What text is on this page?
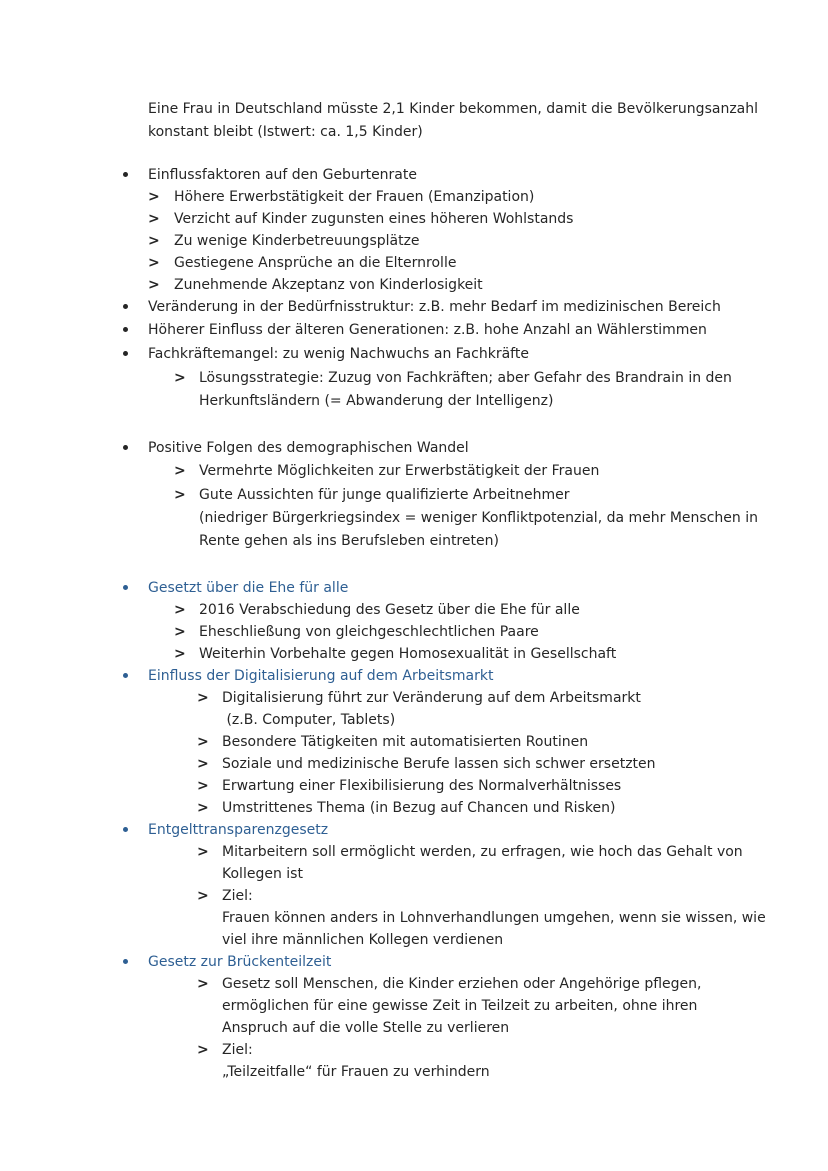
Eine Frau in Deutschland müsste 2,1 Kinder bekommen, damit die Bevölkerungsanzahl
konstant bleibt (Istwert: ca. 1,5 Kinder)
Einflussfaktoren auf den Geburtenrate
> Höhere Erwerbstätigkeit der Frauen (Emanzipation)
> Verzicht auf Kinder zugunsten eines höheren Wohlstands
> Zu wenige Kinderbetreuungsplätze
> Gestiegene Ansprüche an die Elternrolle
> Zunehmende Akzeptanz von Kinderlosigkeit
Veränderung in der Bedürfnisstruktur: z.B. mehr Bedarf im medizinischen Bereich
Höherer Einfluss der älteren Generationen: z.B. hohe Anzahl an Wählerstimmen
Fachkräftemangel: zu wenig Nachwuchs an Fachkräfte
> Lösungsstrategie: Zuzug von Fachkräften; aber Gefahr des Brandrain in den
Herkunftsländern (= Abwanderung der Intelligenz)
Positive Folgen des demographischen Wandel
> Vermehrte Möglichkeiten zur Erwerbstätigkeit der Frauen
> Gute Aussichten für junge qualifizierte Arbeitnehmer
(niedriger Bürgerkriegsindex = weniger Konfliktpotenzial, da mehr Menschen in
Rente gehen als ins Berufsleben eintreten)
Gesetzt über die Ehe für alle
> 2016 Verabschiedung des Gesetz über die Ehe für alle
> Eheschließung von gleichgeschlechtlichen Paare
> Weiterhin Vorbehalte gegen Homosexualität in Gesellschaft
Einfluss der Digitalisierung auf dem Arbeitsmarkt
> Digitalisierung führt zur Veränderung auf dem Arbeitsmarkt
(z.B. Computer, Tablets)
> Besondere Tätigkeiten mit automatisierten Routinen
> Soziale und medizinische Berufe lassen sich schwer ersetzten
> Erwartung einer Flexibilisierung des Normalverhältnisses
> Umstrittenes Thema (in Bezug auf Chancen und Risken)
Entgelttransparenzgesetz
> Mitarbeitern soll ermöglicht werden, zu erfragen, wie hoch das Gehalt von
Kollegen ist
> Ziel:
Frauen können anders in Lohnverhandlungen umgehen, wenn sie wissen, wie
viel ihre männlichen Kollegen verdienen
Gesetz zur Brückenteilzeit
> Gesetz soll Menschen, die Kinder erziehen oder Angehörige pflegen,
ermöglichen für eine gewisse Zeit in Teilzeit zu arbeiten, ohne ihren
Anspruch auf die volle Stelle zu verlieren
> Ziel:
„Teilzeitfalle“ für Frauen zu verhindern
